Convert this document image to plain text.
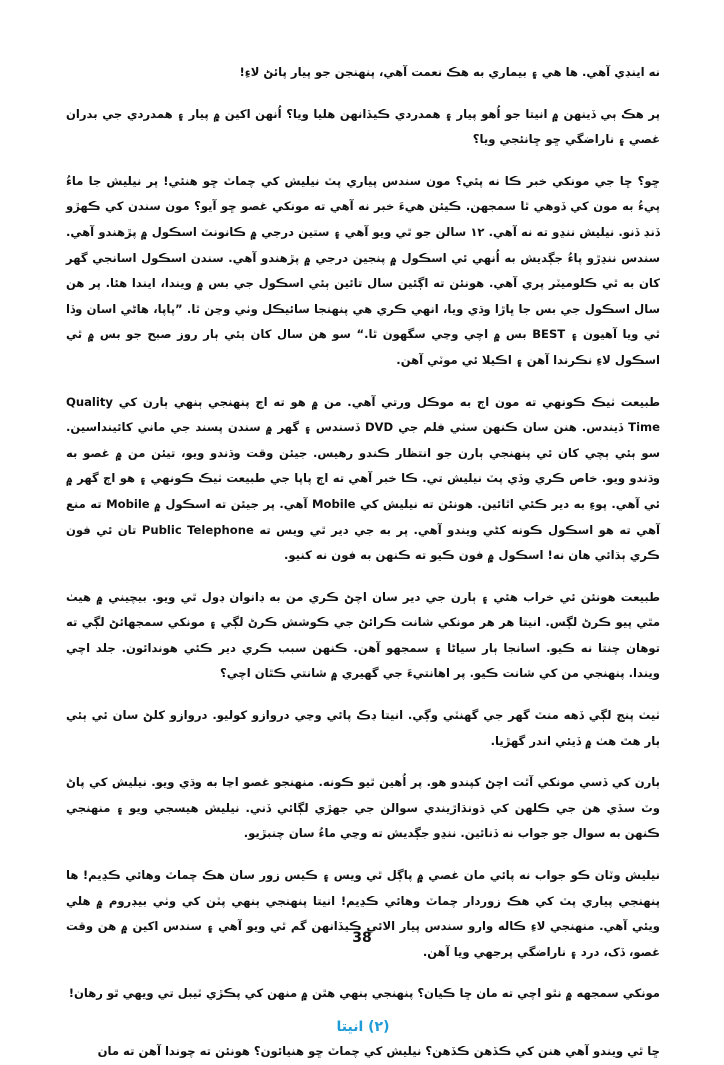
نه اينڊي آهي. ها هي ۽ بيماري به هڪ نعمت آهي، پنهنجن جو پيار پائڻ لاءِ!

پر هڪ ٻي ڏينهن ۾ انيتا جو اُهو پيار ۽ همدردي ڪيڏانهن هليا ويا؟ اُنهن اکين ۾ پيار ۽ همدردي جي بدران غصي ۽ ناراضگي ڇو ڇانئجي ويا؟

ڇو؟ ڇا جي مونکي خبر ڪا نه پئي؟ مون سندس پياري پٽ نيليش کي چماٽ ڇو هنئي! پر نيليش جا ماءُ پيءُ به مون کي ڏوهي ٿا سمجهن. ڪيئن هيءَ خبر نه آهي ته مونکي غصو ڇو آيو؟ مون سندن کي ڪهڙو ڏنڊ ڏنو. نيليش ننڍو ته نه آهي. ۱۲ سالن جو ٿي ويو آهي ۽ ستين درجي ۾ ڪانونٽ اسڪول ۾ پڙهندو آهي. سندس ننڍڙو پاءُ جڳديش به اُنهي ئي اسڪول ۾ پنجين درجي ۾ پڙهندو آهي. سندن اسڪول اسانجي گهر کان به ٿي ڪلوميٽر پري آهي. هونئن ته اڳئين سال تائين ٻئي اسڪول جي بس ۾ ويندا، ايندا هئا. پر هن سال اسڪول جي بس جا ڀاڙا وڌي ويا، انهي ڪري هي پنهنجا سائيڪل وٺي وڃن ٿا. ”پاپا، هاڻي اسان وڏا ٿي ويا آهيون ۽ BEST بس ۾ اچي وڃي سگهون ٿا.“ سو هن سال کان ٻئي ٻار روز صبح جو بس ۾ ٿي اسڪول لاءِ نڪرندا آهن ۽ اڪيلا ئي موٽي آهن.

طبيعت ٺيڪ ڪونهي ته مون اڄ به موڪل ورتي آهي. من ۾ هو ته اڄ پنهنجي ٻنهي ٻارن کي Quality Time ڏيندس. هنن سان ڪنهن سٺي فلم جي DVD ڏسندس ۽ گهر ۾ سندن پسند جي ماني کائينداسين. سو ٻئي ٻچي کان ئي پنهنجي ٻارن جو انتظار ڪندو رهيس. جيئن وقت وڌندو ويو، تيئن من ۾ غصو به وڌندو ويو. خاص ڪري وڏي پٽ نيليش تي. ڪا خبر آهي ته اڄ پاپا جي طبيعت ٺيڪ ڪونهي ۽ هو اڄ گهر ۾ ئي آهي. پوءِ به دير ڪئي اٿائين. هونئن ته نيليش کي Mobile آهي. پر جيئن ته اسڪول ۾ Mobile ته منع آهي ته هو اسڪول ڪونه کڻي ويندو آهي. پر به جي دير ٿي ويس ته Public Telephone تان ئي فون ڪري ٻڌائي هان نه! اسڪول ۾ فون ڪيو ته ڪنهن به فون نه کنيو.

طبيعت هونئن ئي خراب هئي ۽ ٻارن جي دير سان اچڻ ڪري من به ڊانوان ڊول ٿي ويو. بيچيني ۾ هيٺ مٿي پيو ڪرڻ لڳس. انيتا هر هر مونکي شانت ڪرائڻ جي ڪوشش ڪرڻ لڳي ۽ مونکي سمجهائڻ لڳي ته توهان چنتا نه ڪيو. اسانجا ٻار سياڻا ۽ سمجهو آهن. ڪنهن سبب ڪري دير ڪئي هوندائون. جلد اچي ويندا. پنهنجي من کي شانت ڪيو. پر اهانتيءَ جي گهيري ۾ شانتي ڪٿان اچي؟

ٺيٺ پنج لڳي ڏهه منٽ گهر جي گهنٽي وڳي. انيتا ڊڪ پائي وڃي دروازو کوليو. دروازو کلڻ سان ئي ٻئي ٻار هٿ هٺ ۾ ڏيئي اندر گهڙيا.

ٻارن کي ڏسي مونکي آٿت اچڻ کپندو هو. پر اُهين ٿيو ڪونه. منهنجو غصو اڃا به وڌي ويو. نيليش کي پاڻ وٽ سڏي هن جي ڪلهن کي ڌونڌاڙيندي سوالن جي جهڙي لڳائي ڏني. نيليش هيسجي ويو ۽ منهنجي ڪنهن به سوال جو جواب نه ڏنائين. ننڍو جڳديش ته وڃي ماءُ سان چنبڙيو.

نيليش وٽان ڪو جواب نه پائي مان غصي ۾ پاڳل ٿي ويس ۽ ڪيس زور سان هڪ چماٽ وهائي ڪڍيم! ها پنهنجي پياري پٽ کي هڪ زوردار چماٽ وهائي ڪڍيم! انيتا پنهنجي ٻنهي پٽن کي وٺي بيڊروم ۾ هلي ويئي آهي. منهنجي لاءِ ڪاله وارو سندس پيار الائي ڪيڏانهن گم ٿي ويو آهي ۽ سندس اکين ۾ هن وقت غصو، ڏک، درد ۽ ناراضگي پرجهي ويا آهن.

مونکي سمجهه ۾ نٿو اچي ته مان ڇا ڪيان؟ پنهنجي ٻنهي هٿن ۾ منهن کي پڪڙي ٽيبل تي ويهي ٿو رهان!

(۲) انيتا

ڇا ٿي ويندو آهي هنن کي ڪڏهن ڪڏهن؟ نيليش کي چماٽ ڇو هنيائون؟ هونئن ته چوندا آهن ته مان

38
